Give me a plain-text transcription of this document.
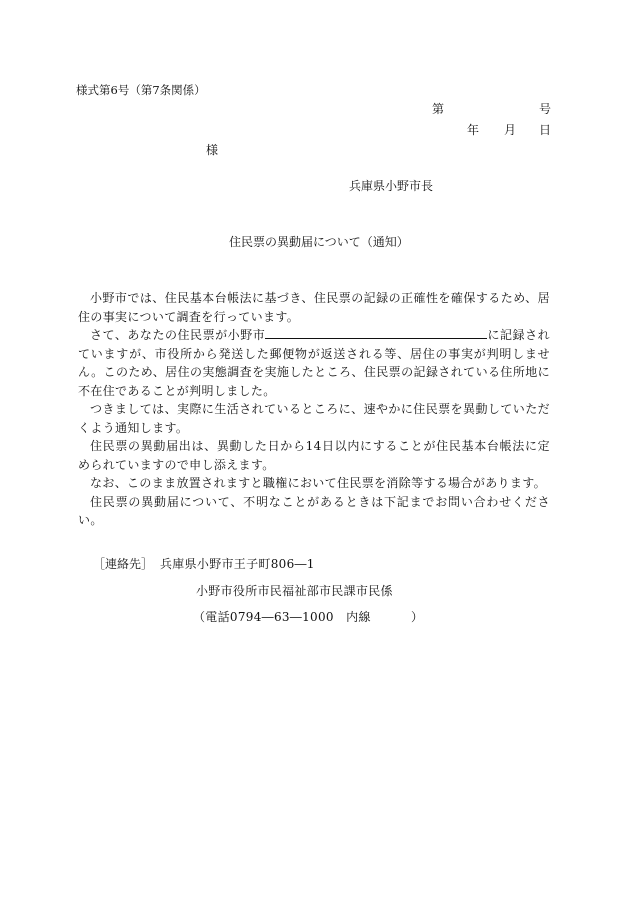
様式第6号（第7条関係）
第	号
年 月 日
様
兵庫県小野市長
住民票の異動届について（通知）

小野市では、住民基本台帳法に基づき、住民票の記録の正確性を確保するため、居住の事実について調査を行っています。

さて、あなたの住民票が小野市	に記録されていますが、市役所から発送した郵便物が返送される等、居住の事実が判明しません。このため、居住の実態調査を実施したところ、住民票の記録されている住所地に不在住であることが判明しました。

つきましては、実際に生活されているところに、速やかに住民票を異動していただくよう通知します。

住民票の異動届出は、異動した日から14日以内にすることが住民基本台帳法に定められていますので申し添えます。

なお、このまま放置されますと職権において住民票を消除等する場合があります。

住民票の異動届について、不明なことがあるときは下記までお問い合わせください。

［連絡先］ 兵庫県小野市王子町806―1
小野市役所市民福祉部市民課市民係
（電話0794―63―1000　内線	）
